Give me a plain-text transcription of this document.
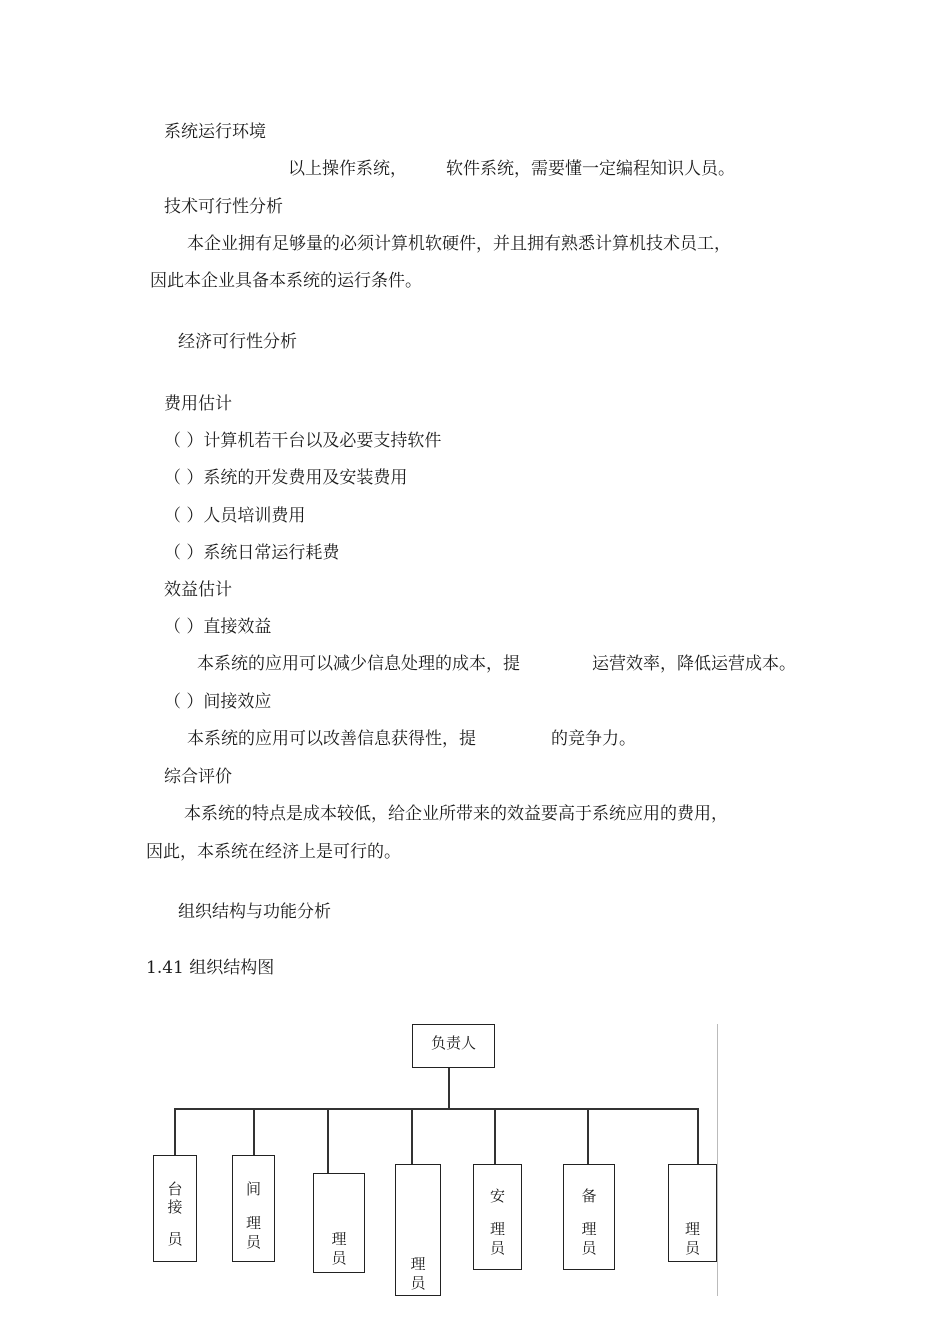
系统运行环境
以上操作系统， 软件系统，需要懂一定编程知识人员。
技术可行性分析
本企业拥有足够量的必须计算机软硬件，并且拥有熟悉计算机技术员工，
因此本企业具备本系统的运行条件。
经济可行性分析
费用估计
（ ）计算机若干台以及必要支持软件
（ ）系统的开发费用及安装费用
（ ）人员培训费用
（ ）系统日常运行耗费
效益估计
（ ）直接效益
本系统的应用可以减少信息处理的成本，提	运营效率，降低运营成本。
（ ）间接效应
本系统的应用可以改善信息获得性，提	的竞争力。
综合评价
本系统的特点是成本较低，给企业所带来的效益要高于系统应用的费用，
因此，本系统在经济上是可行的。
组织结构与功能分析
1.41 组织结构图
负责人
台
接
员
间
理
员	理
员	理
员
安
理
员
备
理
员
理
员
